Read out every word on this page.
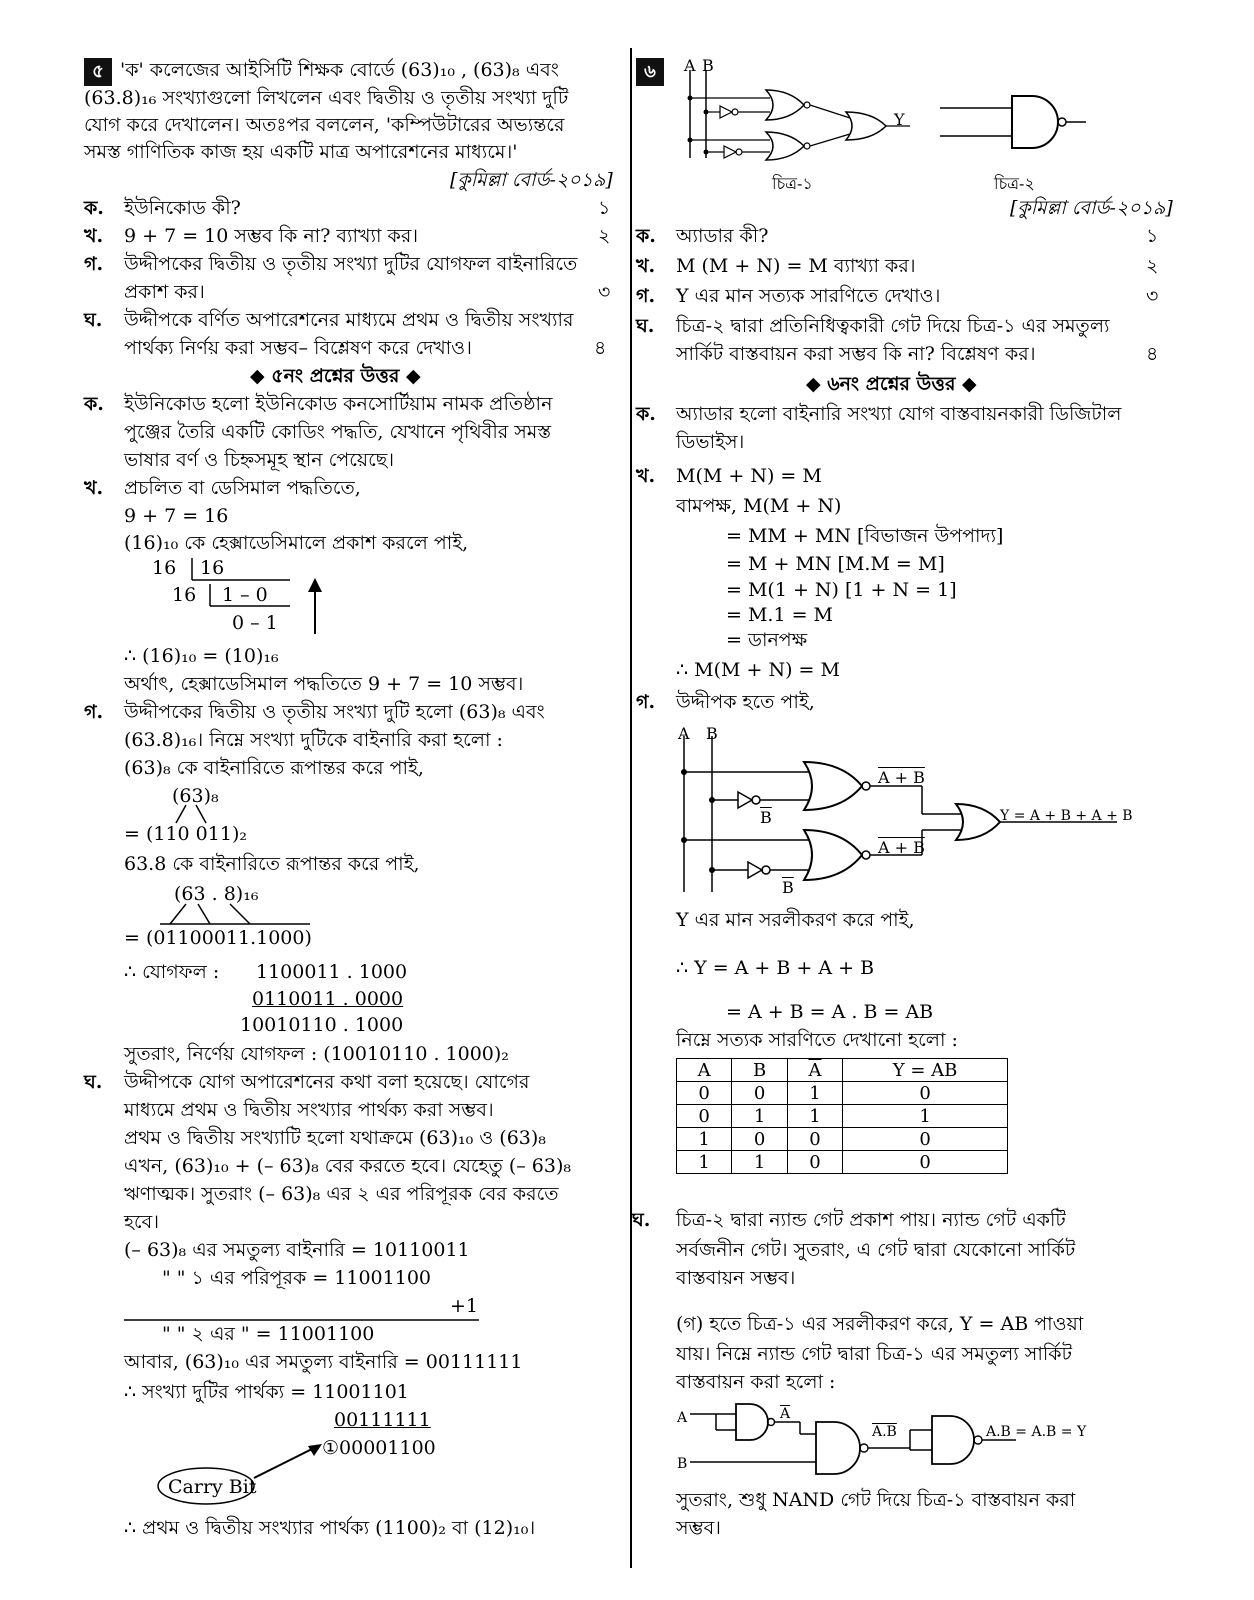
৫ 'ক' কলেজের আইসিটি শিক্ষক বোর্ডে (63)₁₀ , (63)₈ এবং
(63.8)₁₆ সংখ্যাগুলো লিখলেন এবং দ্বিতীয় ও তৃতীয় সংখ্যা দুটি
যোগ করে দেখালেন। অতঃপর বললেন, 'কম্পিউটারের অভ্যন্তরে
সমস্ত গাণিতিক কাজ হয় একটি মাত্র অপারেশনের মাধ্যমে।'
[কুমিল্লা বোর্ড-২০১৯]
ক. ইউনিকোড কী?	১
খ. 9 + 7 = 10 সম্ভব কি না? ব্যাখ্যা কর।	২
গ. উদ্দীপকের দ্বিতীয় ও তৃতীয় সংখ্যা দুটির যোগফল বাইনারিতে
প্রকাশ কর।	৩
ঘ. উদ্দীপকে বর্ণিত অপারেশনের মাধ্যমে প্রথম ও দ্বিতীয় সংখ্যার
পার্থক্য নির্ণয় করা সম্ভব– বিশ্লেষণ করে দেখাও।	৪
◆ ৫নং প্রশ্নের উত্তর ◆
ক. ইউনিকোড হলো ইউনিকোড কনসোর্টিয়াম নামক প্রতিষ্ঠান
পুঞ্জের তৈরি একটি কোডিং পদ্ধতি, যেখানে পৃথিবীর সমস্ত
ভাষার বর্ণ ও চিহ্নসমূহ স্থান পেয়েছে।
খ. প্রচলিত বা ডেসিমাল পদ্ধতিতে,
9 + 7 = 16
(16)₁₀ কে হেক্সাডেসিমালে প্রকাশ করলে পাই,
16 16
16 1 – 0
0 – 1
∴ (16)₁₀ = (10)₁₆
অর্থাৎ, হেক্সাডেসিমাল পদ্ধতিতে 9 + 7 = 10 সম্ভব।
গ. উদ্দীপকের দ্বিতীয় ও তৃতীয় সংখ্যা দুটি হলো (63)₈ এবং
(63.8)₁₆। নিম্নে সংখ্যা দুটিকে বাইনারি করা হলো :
(63)₈ কে বাইনারিতে রূপান্তর করে পাই,
(63)₈
= (110 011)₂
63.8 কে বাইনারিতে রূপান্তর করে পাই,
(63 . 8)₁₆
= (01100011.1000)
∴ যোগফল : 1100011 . 1000
0110011 . 0000
10010110 . 1000
সুতরাং, নির্ণেয় যোগফল : (10010110 . 1000)₂
ঘ. উদ্দীপকে যোগ অপারেশনের কথা বলা হয়েছে। যোগের
মাধ্যমে প্রথম ও দ্বিতীয় সংখ্যার পার্থক্য করা সম্ভব।
প্রথম ও দ্বিতীয় সংখ্যাটি হলো যথাক্রমে (63)₁₀ ও (63)₈
এখন, (63)₁₀ + (– 63)₈ বের করতে হবে। যেহেতু (– 63)₈
ঋণাত্মক। সুতরাং (– 63)₈ এর ২ এর পরিপূরক বের করতে
হবে।
(– 63)₈ এর সমতুল্য বাইনারি = 10110011
" " ১ এর পরিপূরক = 11001100
+1
" " ২ এর " = 11001100
আবার, (63)₁₀ এর সমতুল্য বাইনারি = 00111111
∴ সংখ্যা দুটির পার্থক্য = 11001101
00111111
①00001100
Carry Bit
∴ প্রথম ও দ্বিতীয় সংখ্যার পার্থক্য (1100)₂ বা (12)₁₀।
৬	A B
Y
চিত্র-১	চিত্র-২
[কুমিল্লা বোর্ড-২০১৯]
ক. অ্যাডার কী?	১
খ. M (M + N) = M ব্যাখ্যা কর।	২
গ. Y এর মান সত্যক সারণিতে দেখাও।	৩
ঘ. চিত্র-২ দ্বারা প্রতিনিধিত্বকারী গেট দিয়ে চিত্র-১ এর সমতুল্য
সার্কিট বাস্তবায়ন করা সম্ভব কি না? বিশ্লেষণ কর।	৪
◆ ৬নং প্রশ্নের উত্তর ◆
ক. অ্যাডার হলো বাইনারি সংখ্যা যোগ বাস্তবায়নকারী ডিজিটাল
ডিভাইস।
খ. M(M + N) = M
বামপক্ষ, M(M + N)
= MM + MN [বিভাজন উপপাদ্য]
= M + MN [M.M = M]
= M(1 + N) [1 + N = 1]
= M.1 = M
= ডানপক্ষ
∴ M(M + N) = M
গ. উদ্দীপক হতে পাই,
A B
$\overline{B}$
$\overline{B}$
A + B
A + B
Y = A + B + A + B
Y এর মান সরলীকরণ করে পাই,
∴ Y = A + B + A + B
= A + B = A . B = AB
নিম্নে সত্যক সারণিতে দেখানো হলো :
A	B	$\overline{A}$	Y = AB
0	0	1	0
0	1	1	1
1	0	0	0
1	1	0	0
ঘ. চিত্র-২ দ্বারা ন্যান্ড গেট প্রকাশ পায়। ন্যান্ড গেট একটি
সর্বজনীন গেট। সুতরাং, এ গেট দ্বারা যেকোনো সার্কিট
বাস্তবায়ন সম্ভব।
(গ) হতে চিত্র-১ এর সরলীকরণ করে, Y = AB পাওয়া
যায়। নিম্নে ন্যান্ড গেট দ্বারা চিত্র-১ এর সমতুল্য সার্কিট
বাস্তবায়ন করা হলো :
A
B
$\overline{A}$
A.B	A.B = A.B = Y
সুতরাং, শুধু NAND গেট দিয়ে চিত্র-১ বাস্তবায়ন করা
সম্ভব।
